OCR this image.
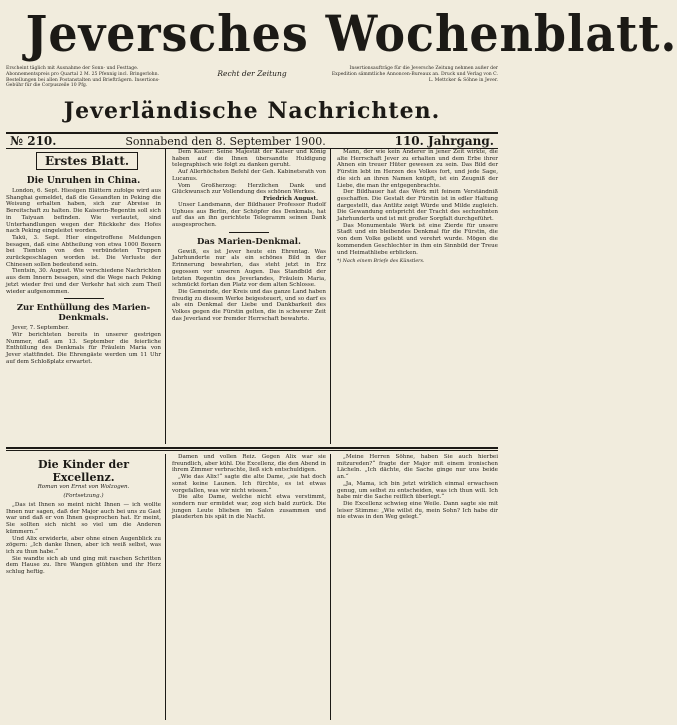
Jeversches Wochenblatt.
Erscheint täglich mit Ausnahme der Sonn- und Festtage. Abonnementspreis pro Quartal 2 M. 25 Pfennig incl. Bringerlohn. Bestellungen bei allen Postanstalten und Briefträgern. Insertions-Gebühr für die Corpuszeile 10 Pfg.
Recht der Zeitung
Insertionsaufträge für die Jeversche Zeitung nehmen außer der Expedition sämmtliche Annoncen-Bureaux an. Druck und Verlag von C. L. Mettcker & Söhne in Jever.
Jeverländische Nachrichten.
№ 210.	Sonnabend den 8. September 1900.	110. Jahrgang.
Erstes Blatt.
Die Unruhen in China.

London, 6. Sept. Hiesigen Blättern zufolge wird aus Shanghai gemeldet, daß die Gesandten in Peking die Weisung erhalten haben, sich zur Abreise in Bereitschaft zu halten. Die Kaiserin-Regentin soll sich in Taiyuan befinden. Wie verlautet, sind Unterhandlungen wegen der Rückkehr des Hofes nach Peking eingeleitet worden.

Takü, 3. Sept. Hier eingetroffene Meldungen besagen, daß eine Abtheilung von etwa 1000 Boxern bei Tientsin von den verbündeten Truppen zurückgeschlagen worden ist. Die Verluste der Chinesen sollen bedeutend sein.

Tientsin, 30. August. Wie verschiedene Nachrichten aus dem Innern besagen, sind die Wege nach Peking jetzt wieder frei und der Verkehr hat sich zum Theil wieder aufgenommen.

Zur Enthüllung des Marien-Denkmals.
Jever, 7. September.

Wir berichteten bereits in unserer gestrigen Nummer, daß am 13. September die feierliche Enthüllung des Denkmals für Fräulein Maria von Jever stattfindet. Die Ehrengäste werden um 11 Uhr auf dem Schloßplatz erwartet.

Dem Kaiser: Seine Majestät der Kaiser und König haben auf die Ihnen übersandte Huldigung telegraphisch wie folgt zu danken geruht.

Auf Allerhöchsten Befehl der Geh. Kabinetsrath von Lucanus.

Vom Großherzog: Herzlichen Dank und Glückwunsch zur Vollendung des schönen Werkes.

Friedrich August.

Unser Landsmann, der Bildhauer Professor Rudolf Uphues aus Berlin, der Schöpfer des Denkmals, hat auf das an ihn gerichtete Telegramm seinen Dank ausgesprochen.

Das Marien-Denkmal.

Gewiß, es ist Jever heute ein Ehrentag. Was Jahrhunderte nur als ein schönes Bild in der Erinnerung bewahrten, das steht jetzt in Erz gegossen vor unseren Augen. Das Standbild der letzten Regentin des Jeverlandes, Fräulein Maria, schmückt fortan den Platz vor dem alten Schlosse.

Die Gemeinde, der Kreis und das ganze Land haben freudig zu diesem Werke beigesteuert, und so darf es als ein Denkmal der Liebe und Dankbarkeit des Volkes gegen die Fürstin gelten, die in schwerer Zeit das Jeverland vor fremder Herrschaft bewahrte.

Mann, der wie kein Anderer in jener Zeit wirkte, die alte Herrschaft Jever zu erhalten und dem Erbe ihrer Ahnen ein treuer Hüter gewesen zu sein. Das Bild der Fürstin lebt im Herzen des Volkes fort, und jede Sage, die sich an ihren Namen knüpft, ist ein Zeugniß der Liebe, die man ihr entgegenbrachte.

Der Bildhauer hat das Werk mit feinem Verständniß geschaffen. Die Gestalt der Fürstin ist in edler Haltung dargestellt, das Antlitz zeigt Würde und Milde zugleich. Die Gewandung entspricht der Tracht des sechzehnten Jahrhunderts und ist mit großer Sorgfalt durchgeführt.

Das Monumentale Werk ist eine Zierde für unsere Stadt und ein bleibendes Denkmal für die Fürstin, die von dem Volke geliebt und verehrt wurde. Mögen die kommenden Geschlechter in ihm ein Sinnbild der Treue und Heimathliebe erblicken.

*) Nach einem Briefe des Künstlers.
Die Kinder der Excellenz.
Roman von Ernst von Wolzogen.
(Fortsetzung.)

„Das ist Ihnen so meint nicht Ihnen — ich wollte Ihnen nur sagen, daß der Major auch bei uns zu Gast war und daß er von Ihnen gesprochen hat. Er meint, Sie sollten sich nicht so viel um die Anderen kümmern.“

Und Alix erwiderte, aber ohne einen Augenblick zu zögern: „Ich danke Ihnen, aber ich weiß selbst, was ich zu thun habe.“

Sie wandte sich ab und ging mit raschen Schritten dem Hause zu. Ihre Wangen glühten und ihr Herz schlug heftig.

Damen und vollen Reiz. Gegen Alix war sie freundlich, aber kühl. Die Excellenz, die den Abend in ihrem Zimmer verbrachte, ließ sich entschuldigen.

„Wie das Alix!“ sagte die alte Dame, „sie hat doch sonst keine Launen. Ich fürchte, es ist etwas vorgefallen, was wir nicht wissen.“

Die alte Dame, welche nicht etwa verstimmt, sondern nur ermüdet war, zog sich bald zurück. Die jungen Leute blieben im Salon zusammen und plauderten bis spät in die Nacht.

„Meine Herren Söhne, haben Sie auch hierbei mitzureden?“ fragte der Major mit einem ironischen Lächeln. „Ich dächte, die Sache ginge nur uns beide an.“

„Ja, Mama, ich bin jetzt wirklich einmal erwachsen genug, um selbst zu entscheiden, was ich thun will. Ich habe mir die Sache reiflich überlegt.“

Die Excellenz schwieg eine Weile. Dann sagte sie mit leiser Stimme: „Wie willst du, mein Sohn? Ich habe dir nie etwas in den Weg gelegt.“
